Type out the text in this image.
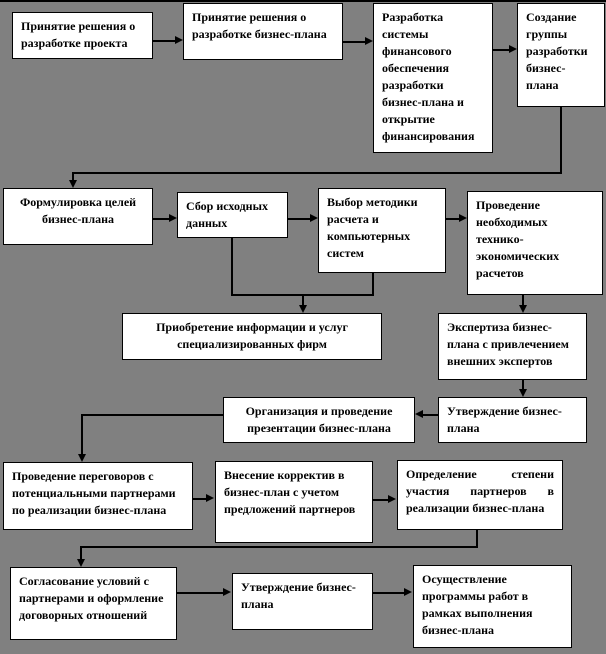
Принятие решения о разработке проекта
Принятие решения о разработке бизнес-плана
Разработка системы финансового обеспечения разработки бизнес-плана и открытие финансирования
Создание группы разработки бизнес-плана
Формулировка целей бизнес-плана
Сбор исходных данных
Выбор методики расчета и компьютерных систем
Проведение необходимых технико-экономических расчетов
Приобретение информации и услуг специализированных фирм
Экспертиза бизнес-плана с привлечением внешних экспертов
Организация и проведение презентации бизнес-плана
Утверждение бизнес-плана
Проведение переговоров с потенциальными партнерами по реализации бизнес-плана
Внесение корректив в бизнес-план с учетом предложений партнеров
Определение степени участия партнеров в реализации бизнес-плана
Согласование условий с партнерами и оформление договорных отношений
Утверждение бизнес-плана
Осуществление программы работ в рамках выполнения бизнес-плана
